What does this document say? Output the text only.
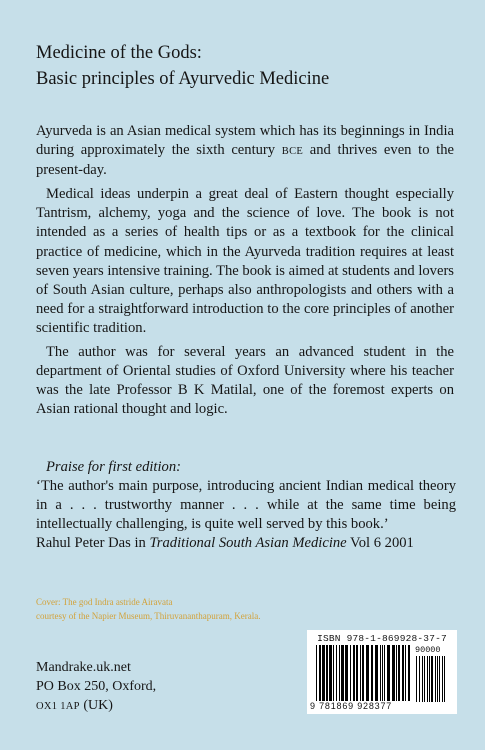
Medicine of the Gods:
Basic principles of Ayurvedic Medicine

Ayurveda is an Asian medical system which has its beginnings in India during approximately the sixth century BCE and thrives even to the present-day.

Medical ideas underpin a great deal of Eastern thought especially Tantrism, alchemy, yoga and the science of love. The book is not intended as a series of health tips or as a textbook for the clinical practice of medicine, which in the Ayurveda tradition requires at least seven years intensive training. The book is aimed at students and lovers of South Asian culture, perhaps also anthropologists and others with a need for a straightforward introduction to the core principles of another scientific tradition.

The author was for several years an advanced student in the department of Oriental studies of Oxford University where his teacher was the late Professor B K Matilal, one of the foremost experts on Asian rational thought and logic.

Praise for first edition:
‘The author's main purpose, introducing ancient Indian medical theory in a . . . trustworthy manner . . . while at the same time being intellectually challenging, is quite well served by this book.’
Rahul Peter Das in Traditional South Asian Medicine Vol 6 2001
Cover: The god Indra astride Airavata
courtesy of the Napier Museum, Thiruvananthapuram, Kerala.
Mandrake.uk.net
PO Box 250, Oxford,
OX1 1AP (UK)
ISBN 978-1-869928-37-7
90000
9 781869 928377
